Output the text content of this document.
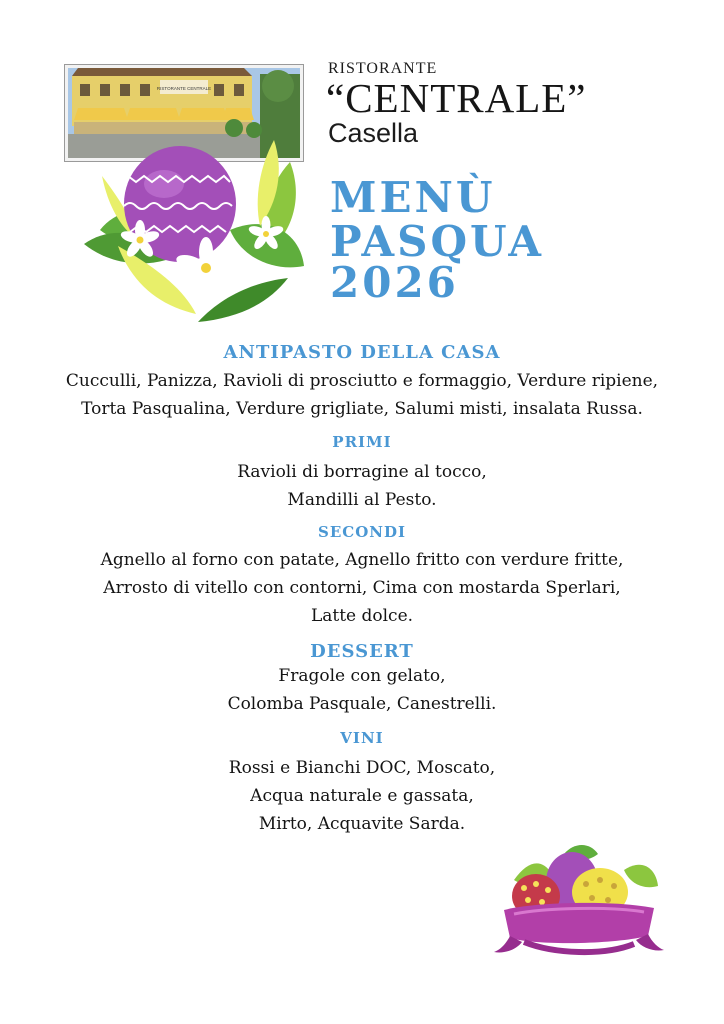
RISTORANTE CENTRALE
RISTORANTE
“CENTRALE”
Casella
MENÙ
PASQUA
2026
ANTIPASTO DELLA CASA
Cucculli, Panizza, Ravioli di prosciutto e formaggio, Verdure ripiene,
Torta Pasqualina, Verdure grigliate, Salumi misti, insalata Russa.
PRIMI
Ravioli di borragine al tocco,
Mandilli al Pesto.
SECONDI
Agnello al forno con patate, Agnello fritto con verdure fritte,
Arrosto di vitello con contorni, Cima con mostarda Sperlari,
Latte dolce.
DESSERT
Fragole con gelato,
Colomba Pasquale, Canestrelli.
VINI
Rossi e Bianchi DOC, Moscato,
Acqua naturale e gassata,
Mirto, Acquavite Sarda.
